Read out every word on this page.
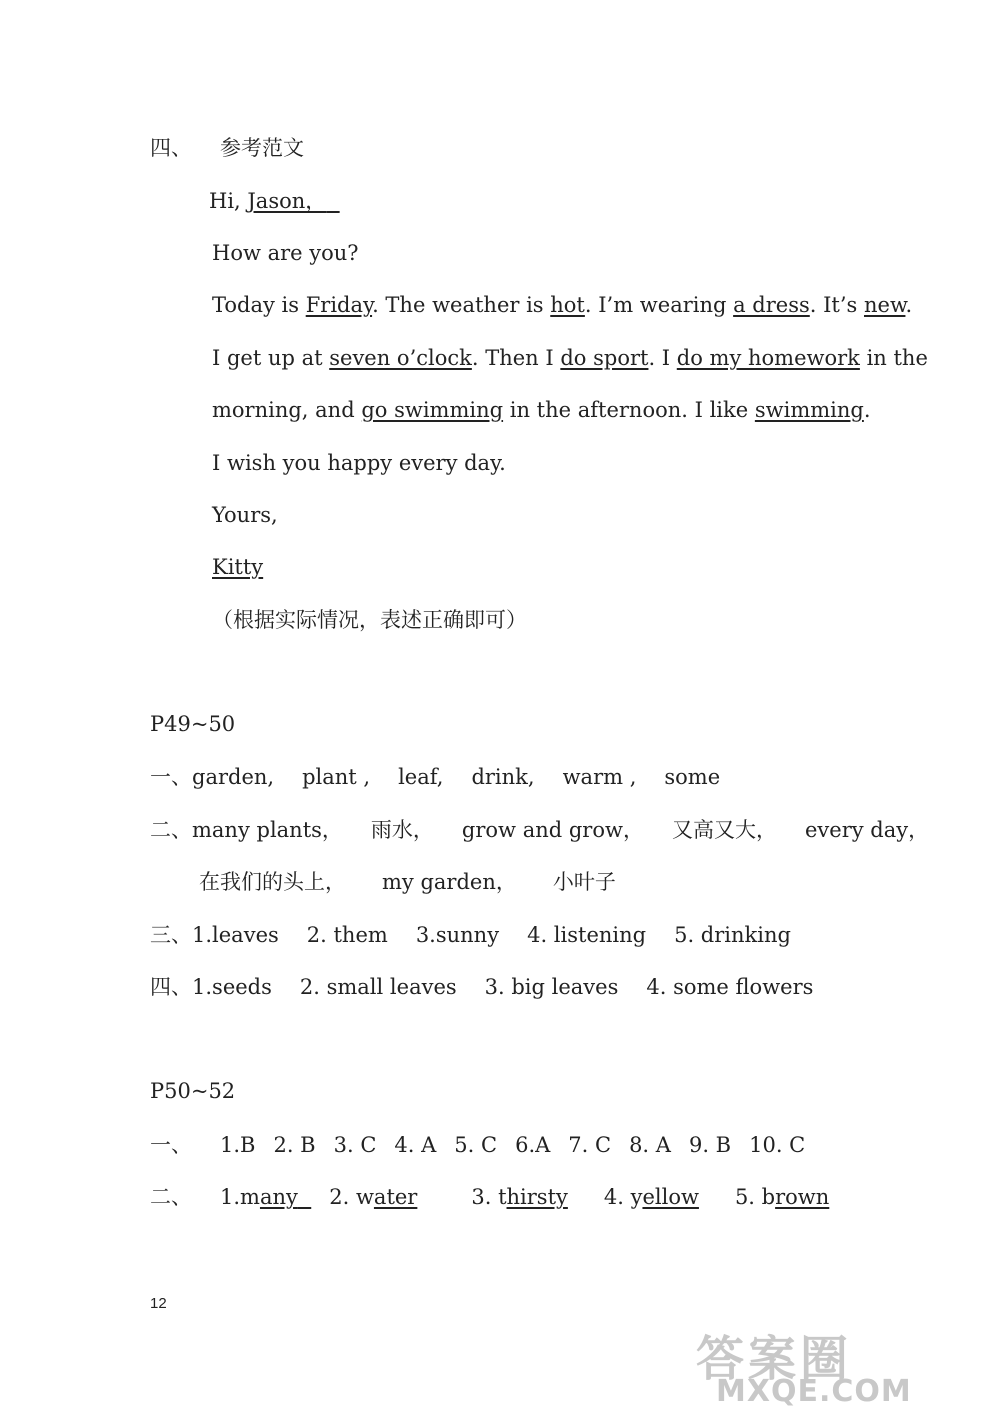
四、 参考范文
Hi, Jason，
How are you?
Today is Friday. The weather is hot. I’m wearing a dress. It’s new.
I get up at seven o’clock. Then I do sport. I do my homework in the
morning, and go swimming in the afternoon. I like swimming.
I wish you happy every day.
Yours,
Kitty
（根据实际情况，表述正确即可）
P49~50
一、garden, plant , leaf, drink, warm , some
二、many plants， 雨水， grow and grow， 又高又大， every day，
在我们的头上， my garden， 小叶子
三、1.leaves 2. them 3.sunny 4. listening 5. drinking
四、1.seeds 2. small leaves 3. big leaves 4. some flowers
P50~52
一、 1.B 2. B 3. C 4. A 5. C 6.A 7. C 8. A 9. B 10. C
二、 1.many 2. water	3. thirsty 4. yellow 5. brown
12
答案圈
MXQE.COM
